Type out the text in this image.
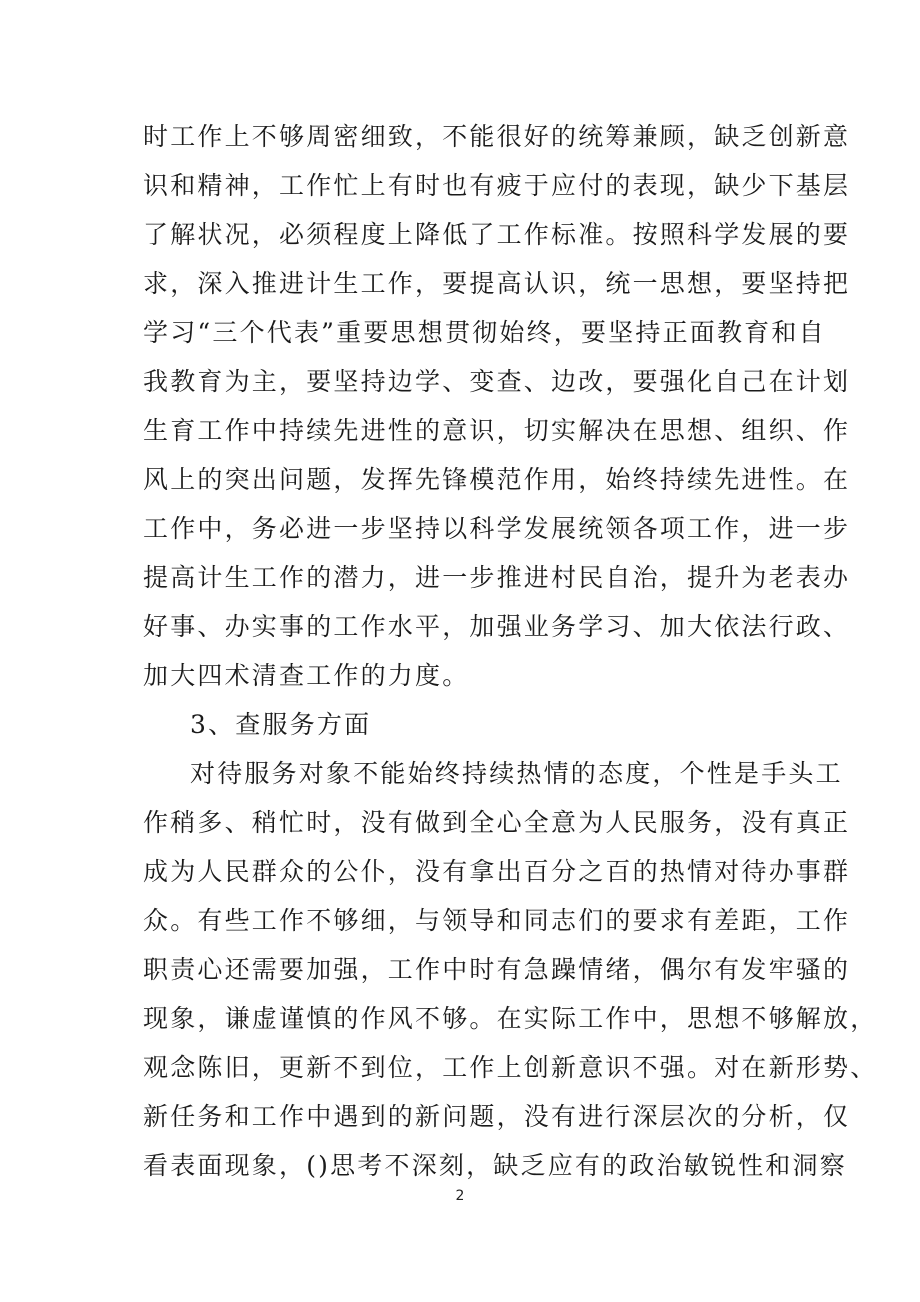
时工作上不够周密细致，不能很好的统筹兼顾，缺乏创新意
识和精神，工作忙上有时也有疲于应付的表现，缺少下基层
了解状况，必须程度上降低了工作标准。按照科学发展的要
求，深入推进计生工作，要提高认识，统一思想，要坚持把
学习“三个代表”重要思想贯彻始终，要坚持正面教育和自
我教育为主，要坚持边学、变查、边改，要强化自己在计划
生育工作中持续先进性的意识，切实解决在思想、组织、作
风上的突出问题，发挥先锋模范作用，始终持续先进性。在
工作中，务必进一步坚持以科学发展统领各项工作，进一步
提高计生工作的潜力，进一步推进村民自治，提升为老表办
好事、办实事的工作水平，加强业务学习、加大依法行政、
加大四术清查工作的力度。
3、查服务方面
对待服务对象不能始终持续热情的态度，个性是手头工
作稍多、稍忙时，没有做到全心全意为人民服务，没有真正
成为人民群众的公仆，没有拿出百分之百的热情对待办事群
众。有些工作不够细，与领导和同志们的要求有差距，工作
职责心还需要加强，工作中时有急躁情绪，偶尔有发牢骚的
现象，谦虚谨慎的作风不够。在实际工作中，思想不够解放，
观念陈旧，更新不到位，工作上创新意识不强。对在新形势、
新任务和工作中遇到的新问题，没有进行深层次的分析，仅
看表面现象，()思考不深刻，缺乏应有的政治敏锐性和洞察
2
